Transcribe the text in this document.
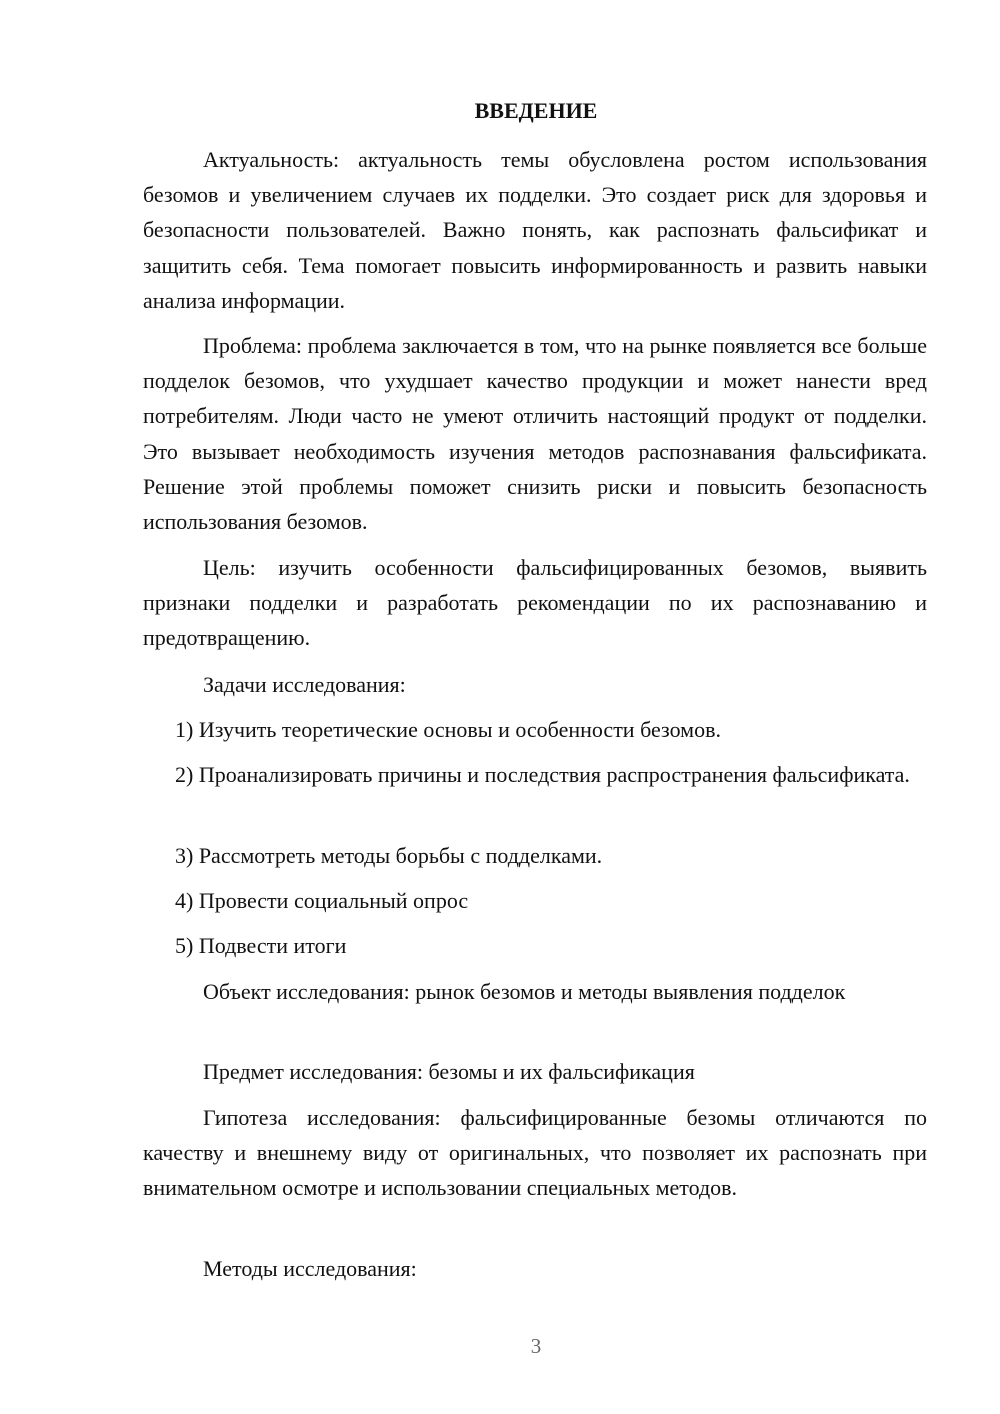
ВВЕДЕНИЕ

Актуальность: актуальность темы обусловлена ростом использования безомов и увеличением случаев их подделки. Это создает риск для здоровья и безопасности пользователей. Важно понять, как распознать фальсификат и защитить себя. Тема помогает повысить информированность и развить навыки анализа информации.

Проблема: проблема заключается в том, что на рынке появляется все больше подделок безомов, что ухудшает качество продукции и может нанести вред потребителям. Люди часто не умеют отличить настоящий продукт от подделки. Это вызывает необходимость изучения методов распознавания фальсификата. Решение этой проблемы поможет снизить риски и повысить безопасность использования безомов.

Цель: изучить особенности фальсифицированных безомов, выявить признаки подделки и разработать рекомендации по их распознаванию и предотвращению.

Задачи исследования:

1) Изучить теоретические основы и особенности безомов.

2) Проанализировать причины и последствия распространения фальсификата.

3) Рассмотреть методы борьбы с подделками.

4) Провести социальный опрос

5) Подвести итоги

Объект исследования: рынок безомов и методы выявления подделок

Предмет исследования: безомы и их фальсификация

Гипотеза исследования: фальсифицированные безомы отличаются по качеству и внешнему виду от оригинальных, что позволяет их распознать при внимательном осмотре и использовании специальных методов.

Методы исследования:

3
